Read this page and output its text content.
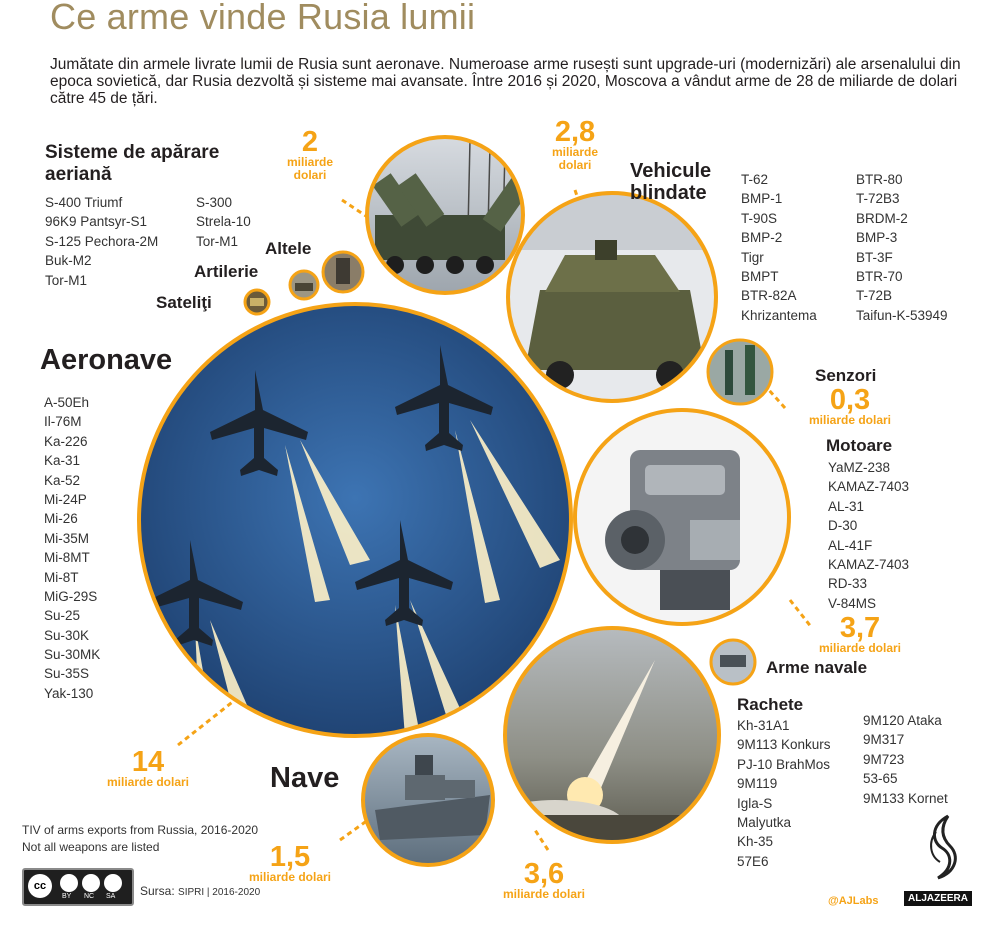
Ce arme vinde Rusia lumii
Jumătate din armele livrate lumii de Rusia sunt aeronave. Numeroase arme rusești sunt upgrade-uri (modernizări) ale arsenalului din epoca sovietică, dar Rusia dezvoltă și sisteme mai avansate. Între 2016 și 2020, Moscova a vândut arme de 28 de miliarde de dolari către 45 de țări.
Sisteme de apărare aeriană
S-400 Triumf
96K9 Pantsyr-S1
S-125 Pechora-2M
Buk-M2
Tor-M1
S-300
Strela-10
Tor-M1
2
miliarde dolari
Altele
Artilerie
Sateliţi
2,8
miliarde dolari	Vehicule blindate
T-62
BMP-1
T-90S
BMP-2
Tigr
BMPT
BTR-82A
Khrizantema
BTR-80
T-72B3
BRDM-2
BMP-3
BT-3F
BTR-70
T-72B
Taifun-K-53949
Aeronave
A-50Eh
Il-76M
Ka-226
Ka-31
Ka-52
Mi-24P
Mi-26
Mi-35M
Mi-8MT
Mi-8T
MiG-29S
Su-25
Su-30K
Su-30MK
Su-35S
Yak-130
14
miliarde dolari
Senzori
0,3
miliarde dolari
Motoare
YaMZ-238
KAMAZ-7403
AL-31
D-30
AL-41F
KAMAZ-7403
RD-33
V-84MS
3,7
miliarde dolari
Arme navale
Rachete
Kh-31A1
9M113 Konkurs
PJ-10 BrahMos
9M119
Igla-S
Malyutka
Kh-35
57E6
9M120 Ataka
9M317
9M723
53-65
9M133 Kornet
3,6
miliarde dolari
Nave
1,5
miliarde dolari
TIV of arms exports from Russia, 2016-2020
Not all weapons are listed
cc
BY NC SA Sursa: SIPRI | 2016-2020
@AJLabs	ALJAZEERA
